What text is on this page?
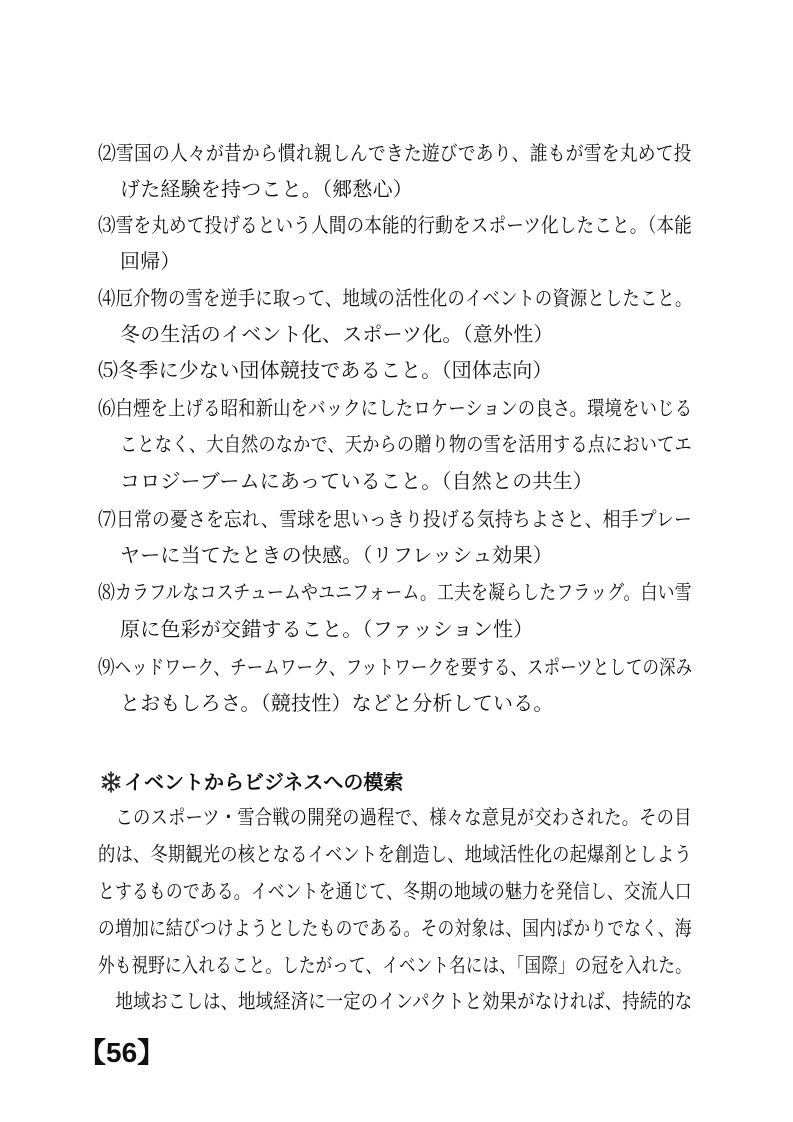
⑵雪国の人々が昔から慣れ親しんできた遊びであり、誰もが雪を丸めて投
げた経験を持つこと。（郷愁心）
⑶雪を丸めて投げるという人間の本能的行動をスポーツ化したこと。（本能
回帰）
⑷厄介物の雪を逆手に取って、地域の活性化のイベントの資源としたこと。
冬の生活のイベント化、スポーツ化。（意外性）
⑸冬季に少ない団体競技であること。（団体志向）
⑹白煙を上げる昭和新山をバックにしたロケーションの良さ。環境をいじる
ことなく、大自然のなかで、天からの贈り物の雪を活用する点においてエ
コロジーブームにあっていること。（自然との共生）
⑺日常の憂さを忘れ、雪球を思いっきり投げる気持ちよさと、相手プレー
ヤーに当てたときの快感。（リフレッシュ効果）
⑻カラフルなコスチュームやユニフォーム。工夫を凝らしたフラッグ。白い雪
原に色彩が交錯すること。（ファッション性）
⑼ヘッドワーク、チームワーク、フットワークを要する、スポーツとしての深み
とおもしろさ。（競技性）などと分析している。
イベントからビジネスへの模索
　このスポーツ・雪合戦の開発の過程で、様々な意見が交わされた。その目
的は、冬期観光の核となるイベントを創造し、地域活性化の起爆剤としよう
とするものである。イベントを通じて、冬期の地域の魅力を発信し、交流人口
の増加に結びつけようとしたものである。その対象は、国内ばかりでなく、海
外も視野に入れること。したがって、イベント名には、「国際」の冠を入れた。
　地域おこしは、地域経済に一定のインパクトと効果がなければ、持続的な
【56】
